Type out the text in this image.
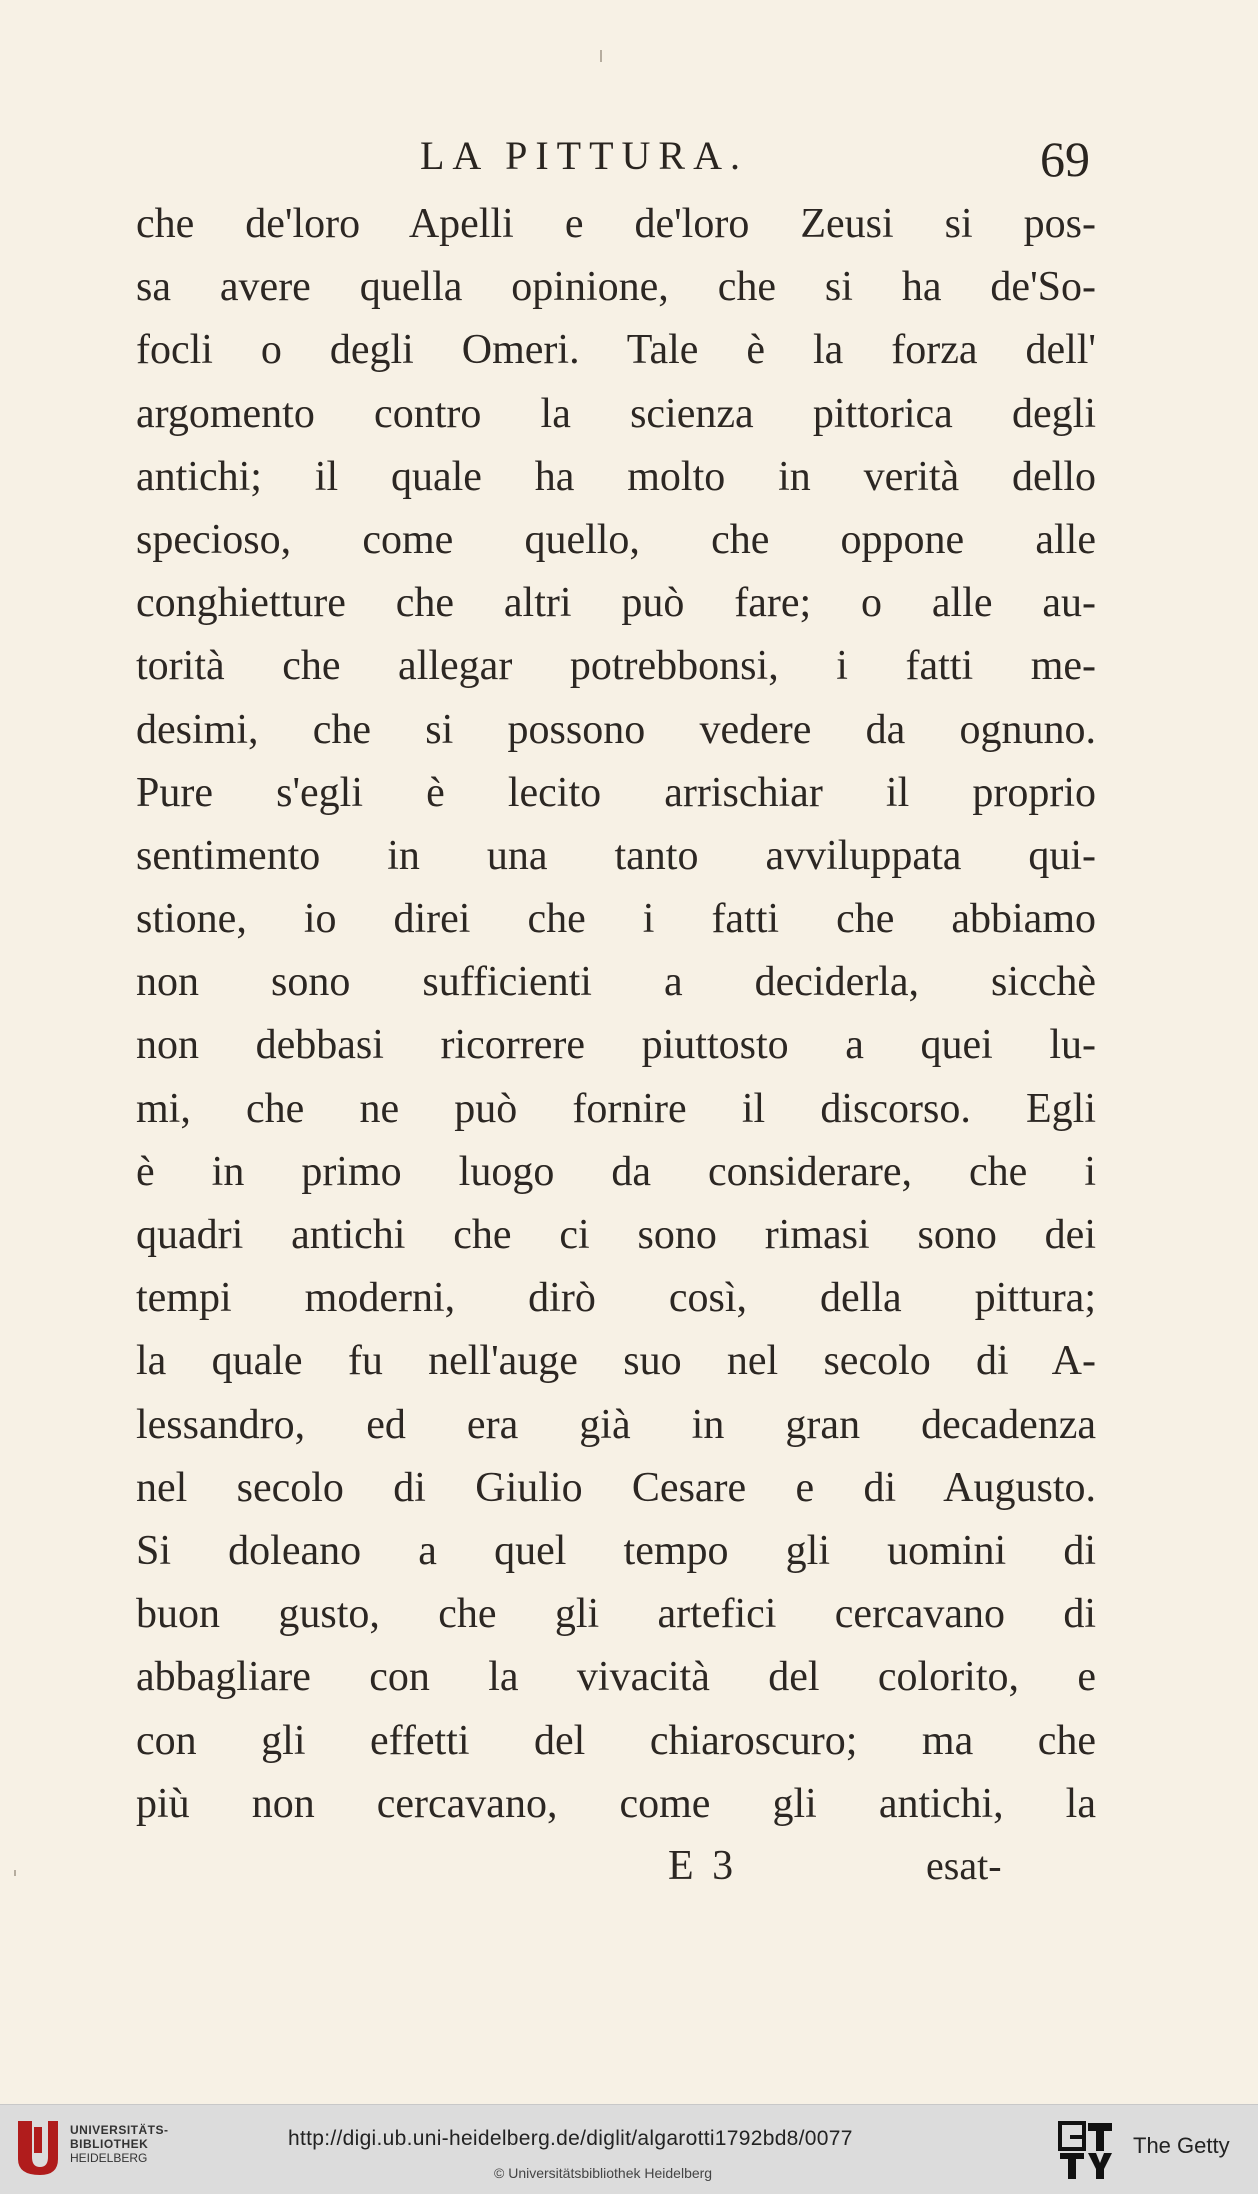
LA PITTURA.	69
che de'loro Apelli e de'loro Zeusi si pos-
sa avere quella opinione, che si ha de'So-
focli o degli Omeri. Tale è la forza dell'
argomento contro la scienza pittorica degli
antichi; il quale ha molto in verità dello
specioso, come quello, che oppone alle
conghietture che altri può fare; o alle au-
torità che allegar potrebbonsi, i fatti me-
desimi, che si possono vedere da ognuno.
Pure s'egli è lecito arrischiar il proprio
sentimento in una tanto avviluppata qui-
stione, io direi che i fatti che abbiamo
non sono sufficienti a deciderla, sicchè
non debbasi ricorrere piuttosto a quei lu-
mi, che ne può fornire il discorso. Egli
è in primo luogo da considerare, che i
quadri antichi che ci sono rimasi sono dei
tempi moderni, dirò così, della pittura;
la quale fu nell'auge suo nel secolo di A-
lessandro, ed era già in gran decadenza
nel secolo di Giulio Cesare e di Augusto.
Si doleano a quel tempo gli uomini di
buon gusto, che gli artefici cercavano di
abbagliare con la vivacità del colorito, e
con gli effetti del chiaroscuro; ma che
più non cercavano, come gli antichi, la
E 3	esat-
UNIVERSITÄTS-
BIBLIOTHEK
HEIDELBERG
http://digi.ub.uni-heidelberg.de/diglit/algarotti1792bd8/0077
© Universitätsbibliothek Heidelberg
The Getty
